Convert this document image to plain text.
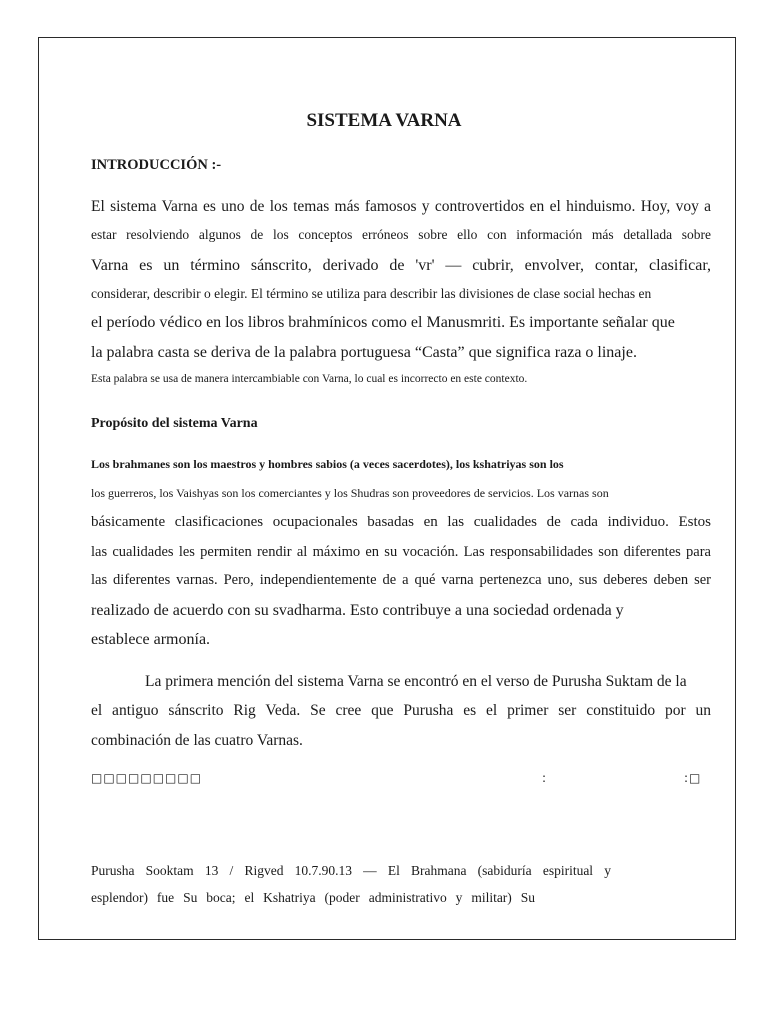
SISTEMA VARNA
INTRODUCCIÓN :-
El sistema Varna es uno de los temas más famosos y controvertidos en el hinduismo. Hoy, voy a
estar resolviendo algunos de los conceptos erróneos sobre ello con información más detallada sobre
Varna es un término sánscrito, derivado de 'vr' — cubrir, envolver, contar, clasificar,
considerar, describir o elegir. El término se utiliza para describir las divisiones de clase social hechas en
el período védico en los libros brahmínicos como el Manusmriti. Es importante señalar que
la palabra casta se deriva de la palabra portuguesa “Casta” que significa raza o linaje.
Esta palabra se usa de manera intercambiable con Varna, lo cual es incorrecto en este contexto.
Propósito del sistema Varna
Los brahmanes son los maestros y hombres sabios (a veces sacerdotes), los kshatriyas son los
los guerreros, los Vaishyas son los comerciantes y los Shudras son proveedores de servicios. Los varnas son
básicamente clasificaciones ocupacionales basadas en las cualidades de cada individuo. Estos
las cualidades les permiten rendir al máximo en su vocación. Las responsabilidades son diferentes para
las diferentes varnas. Pero, independientemente de a qué varna pertenezca uno, sus deberes deben ser
realizado de acuerdo con su svadharma. Esto contribuye a una sociedad ordenada y
establece armonía.
La primera mención del sistema Varna se encontró en el verso de Purusha Suktam de la
el antiguo sánscrito Rig Veda. Se cree que Purusha es el primer ser constituido por un
combinación de las cuatro Varnas.
□□□□□□□□□	:	:□
Purusha Sooktam 13 / Rigved 10.7.90.13 — El Brahmana (sabiduría espiritual y
esplendor) fue Su boca; el Kshatriya (poder administrativo y militar) Su
